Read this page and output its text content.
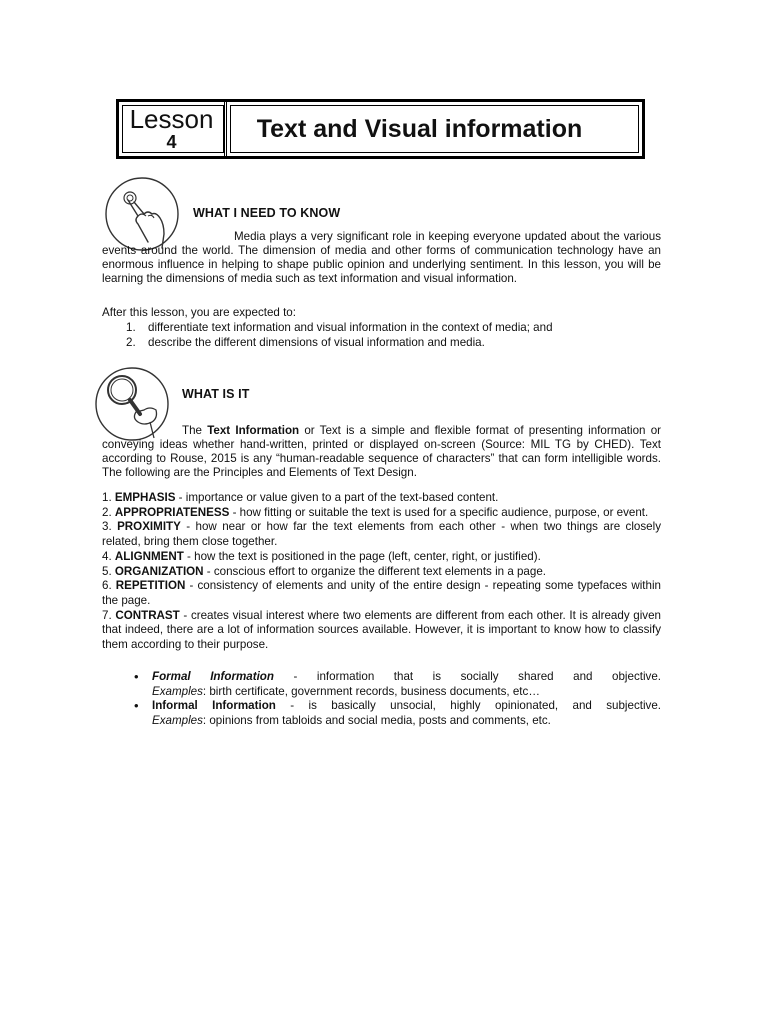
Lesson
4	Text and Visual information
WHAT I NEED TO KNOW

Media plays a very significant role in keeping everyone updated about the various events around the world. The dimension of media and other forms of communication technology have an enormous influence in helping to shape public opinion and underlying sentiment. In this lesson, you will be learning the dimensions of media such as text information and visual information.

After this lesson, you are expected to:

1.	differentiate text information and visual information in the context of media; and
2.	describe the different dimensions of visual information and media.
WHAT IS IT

The Text Information or Text is a simple and flexible format of presenting information or conveying ideas whether hand-written, printed or displayed on-screen (Source: MIL TG by CHED). Text according to Rouse, 2015 is any “human-readable sequence of characters” that can form intelligible words. The following are the Principles and Elements of Text Design.

1. EMPHASIS - importance or value given to a part of the text-based content.
2. APPROPRIATENESS - how fitting or suitable the text is used for a specific audience, purpose, or event.
3. PROXIMITY - how near or how far the text elements from each other - when two things are closely related, bring them close together.
4. ALIGNMENT - how the text is positioned in the page (left, center, right, or justified).
5. ORGANIZATION - conscious effort to organize the different text elements in a page.
6. REPETITION - consistency of elements and unity of the entire design - repeating some typefaces within the page.
7. CONTRAST - creates visual interest where two elements are different from each other. It is already given that indeed, there are a lot of information sources available. However, it is important to know how to classify them according to their purpose.
• Formal Information - information that is socially shared and objective.
Examples: birth certificate, government records, business documents, etc…
• Informal Information - is basically unsocial, highly opinionated, and subjective.
Examples: opinions from tabloids and social media, posts and comments, etc.
